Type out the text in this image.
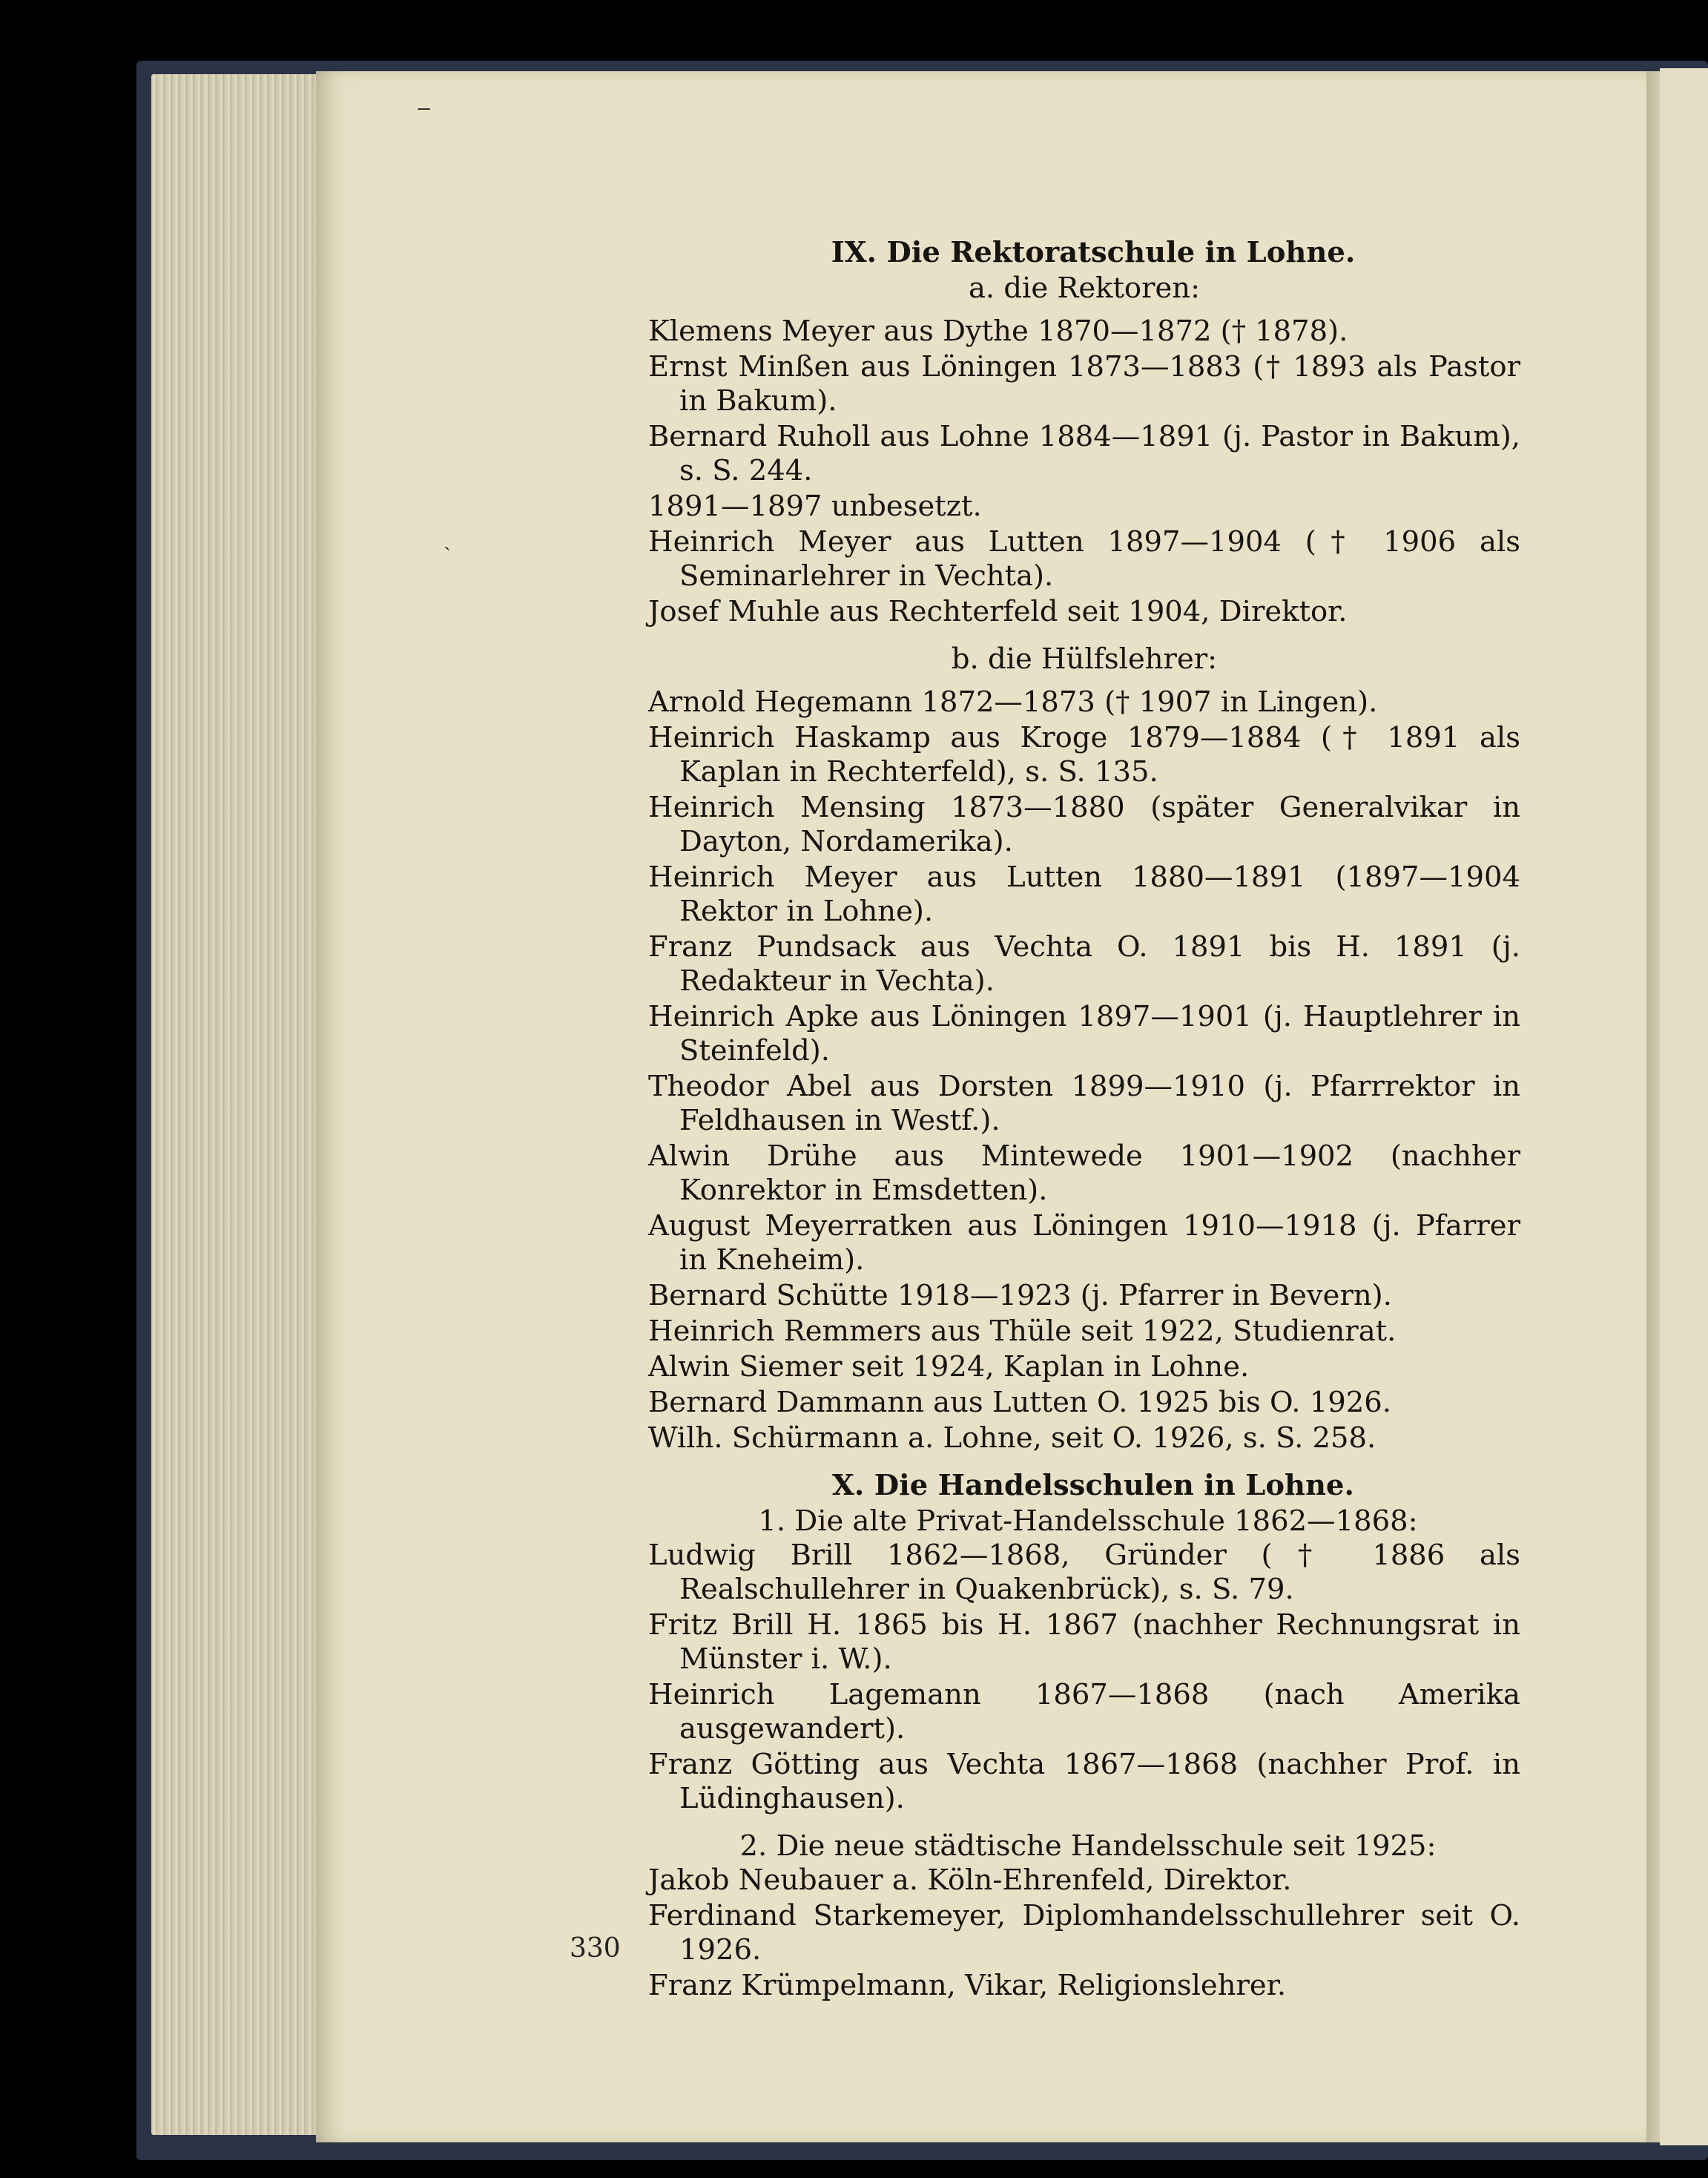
‒
˴
IX. Die Rektoratschule in Lohne.
a. die Rektoren:
Klemens Meyer aus Dythe 1870—1872 († 1878).
Ernst Minßen aus Löningen 1873—1883 († 1893 als Pastor in Bakum).
Bernard Ruholl aus Lohne 1884—1891 (j. Pastor in Bakum), s. S. 244.
1891—1897 unbesetzt.
Heinrich Meyer aus Lutten 1897—1904 († 1906 als Seminarlehrer in Vechta).
Josef Muhle aus Rechterfeld seit 1904, Direktor.
b. die Hülfslehrer:
Arnold Hegemann 1872—1873 († 1907 in Lingen).
Heinrich Haskamp aus Kroge 1879—1884 († 1891 als Kaplan in Rechterfeld), s. S. 135.
Heinrich Mensing 1873—1880 (später Generalvikar in Dayton, Nordamerika).
Heinrich Meyer aus Lutten 1880—1891 (1897—1904 Rektor in Lohne).
Franz Pundsack aus Vechta O. 1891 bis H. 1891 (j. Redakteur in Vechta).
Heinrich Apke aus Löningen 1897—1901 (j. Hauptlehrer in Steinfeld).
Theodor Abel aus Dorsten 1899—1910 (j. Pfarrrektor in Feldhausen in Westf.).
Alwin Drühe aus Mintewede 1901—1902 (nachher Konrektor in Emsdetten).
August Meyerratken aus Löningen 1910—1918 (j. Pfarrer in Kneheim).
Bernard Schütte 1918—1923 (j. Pfarrer in Bevern).
Heinrich Remmers aus Thüle seit 1922, Studienrat.
Alwin Siemer seit 1924, Kaplan in Lohne.
Bernard Dammann aus Lutten O. 1925 bis O. 1926.
Wilh. Schürmann a. Lohne, seit O. 1926, s. S. 258.
X. Die Handelsschulen in Lohne.
1. Die alte Privat-Handelsschule 1862—1868:
Ludwig Brill 1862—1868, Gründer († 1886 als Realschullehrer in Quakenbrück), s. S. 79.
Fritz Brill H. 1865 bis H. 1867 (nachher Rechnungsrat in Münster i. W.).
Heinrich Lagemann 1867—1868 (nach Amerika ausgewandert).
Franz Götting aus Vechta 1867—1868 (nachher Prof. in Lüdinghausen).
2. Die neue städtische Handelsschule seit 1925:
Jakob Neubauer a. Köln-Ehrenfeld, Direktor.
Ferdinand Starkemeyer, Diplomhandelsschullehrer seit O. 1926.
Franz Krümpelmann, Vikar, Religionslehrer.
330
